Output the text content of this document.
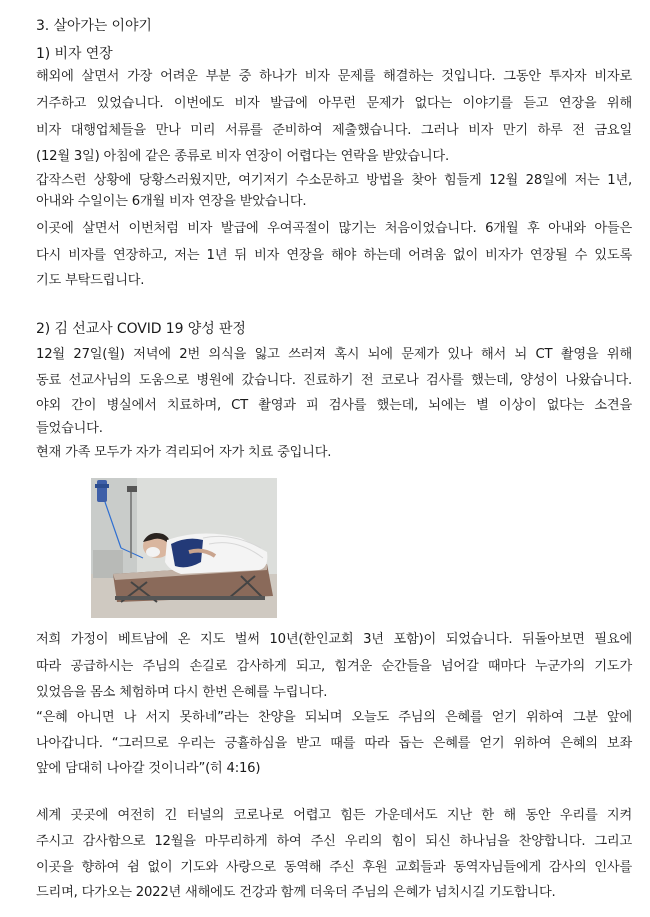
3. 살아가는 이야기
1) 비자 연장
해외에 살면서 가장 어려운 부분 중 하나가 비자 문제를 해결하는 것입니다. 그동안 투자자 비자로
거주하고 있었습니다. 이번에도 비자 발급에 아무런 문제가 없다는 이야기를 듣고 연장을 위해
비자 대행업체들을 만나 미리 서류를 준비하여 제출했습니다. 그러나 비자 만기 하루 전 금요일
(12월 3일) 아침에 같은 종류로 비자 연장이 어렵다는 연락을 받았습니다.
갑작스런 상황에 당황스러웠지만, 여기저기 수소문하고 방법을 찾아 힘들게 12월 28일에 저는 1년,
아내와 수일이는 6개월 비자 연장을 받았습니다.
이곳에 살면서 이번처럼 비자 발급에 우여곡절이 많기는 처음이었습니다. 6개월 후 아내와 아들은
다시 비자를 연장하고, 저는 1년 뒤 비자 연장을 해야 하는데 어려움 없이 비자가 연장될 수 있도록
기도 부탁드립니다.
2) 김 선교사 COVID 19 양성 판정
12월 27일(월) 저녁에 2번 의식을 잃고 쓰러져 혹시 뇌에 문제가 있나 해서 뇌 CT 촬영을 위해
동료 선교사님의 도움으로 병원에 갔습니다. 진료하기 전 코로나 검사를 했는데, 양성이 나왔습니다.
야외 간이 병실에서 치료하며, CT 촬영과 피 검사를 했는데, 뇌에는 별 이상이 없다는 소견을
들었습니다.
현재 가족 모두가 자가 격리되어 자가 치료 중입니다.
저희 가정이 베트남에 온 지도 벌써 10년(한인교회 3년 포함)이 되었습니다. 뒤돌아보면 필요에
따라 공급하시는 주님의 손길로 감사하게 되고, 힘겨운 순간들을 넘어갈 때마다 누군가의 기도가
있었음을 몸소 체험하며 다시 한번 은혜를 누립니다.
“은혜 아니면 나 서지 못하네”라는 찬양을 되뇌며 오늘도 주님의 은혜를 얻기 위하여 그분 앞에
나아갑니다. “그러므로 우리는 긍휼하심을 받고 때를 따라 돕는 은혜를 얻기 위하여 은혜의 보좌
앞에 담대히 나아갈 것이니라”(히 4:16)
세계 곳곳에 여전히 긴 터널의 코로나로 어렵고 힘든 가운데서도 지난 한 해 동안 우리를 지켜
주시고 감사함으로 12월을 마무리하게 하여 주신 우리의 힘이 되신 하나님을 찬양합니다. 그리고
이곳을 향하여 쉼 없이 기도와 사랑으로 동역해 주신 후원 교회들과 동역자님들에게 감사의 인사를
드리며, 다가오는 2022년 새해에도 건강과 함께 더욱더 주님의 은혜가 넘치시길 기도합니다.
